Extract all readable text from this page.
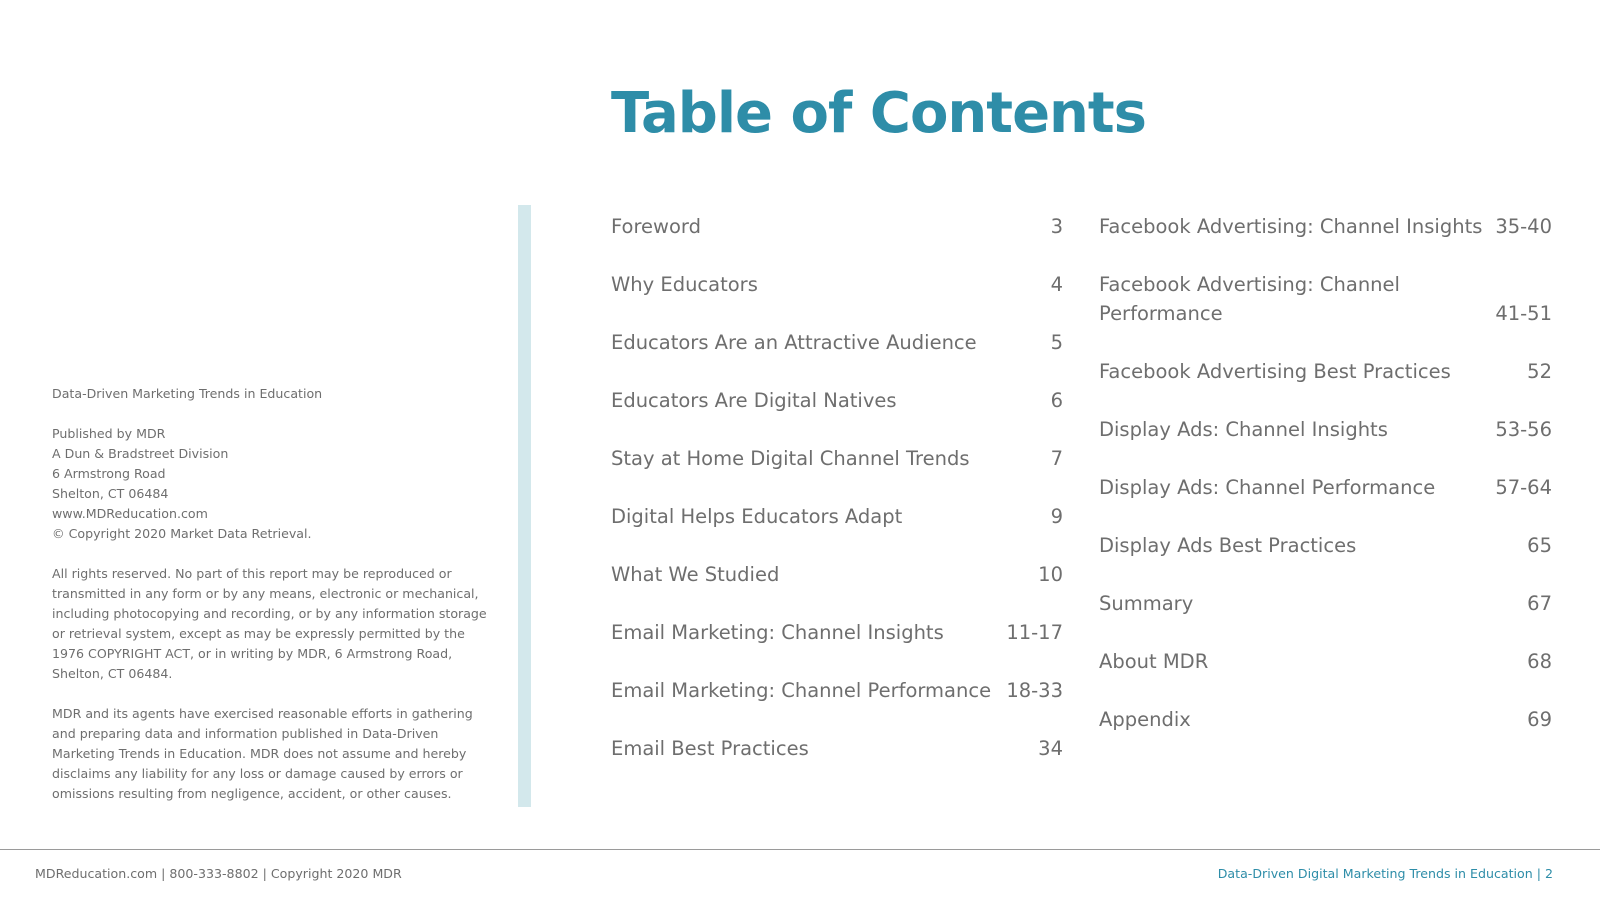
Table of Contents

Data-Driven Marketing Trends in Education

Published by MDR
A Dun & Bradstreet Division
6 Armstrong Road
Shelton, CT 06484
www.MDReducation.com
© Copyright 2020 Market Data Retrieval.

All rights reserved. No part of this report may be reproduced or transmitted in any form or by any means, electronic or mechanical, including photocopying and recording, or by any information storage or retrieval system, except as may be expressly permitted by the 1976 COPYRIGHT ACT, or in writing by MDR, 6 Armstrong Road, Shelton, CT 06484.

MDR and its agents have exercised reasonable efforts in gathering and preparing data and information published in Data-Driven Marketing Trends in Education. MDR does not assume and hereby disclaims any liability for any loss or damage caused by errors or omissions resulting from negligence, accident, or other causes.

Foreword	3
Why Educators	4
Educators Are an Attractive Audience	5
Educators Are Digital Natives	6
Stay at Home Digital Channel Trends	7
Digital Helps Educators Adapt	9
What We Studied	10
Email Marketing: Channel Insights	11-17
Email Marketing: Channel Performance 18-33
Email Best Practices	34
Facebook Advertising: Channel Insights 35-40
Facebook Advertising: Channel Performance	41-51
Facebook Advertising Best Practices	52
Display Ads: Channel Insights	53-56
Display Ads: Channel Performance	57-64
Display Ads Best Practices	65
Summary	67
About MDR	68
Appendix	69
MDReducation.com | 800-333-8802 | Copyright 2020 MDR	Data-Driven Digital Marketing Trends in Education | 2
